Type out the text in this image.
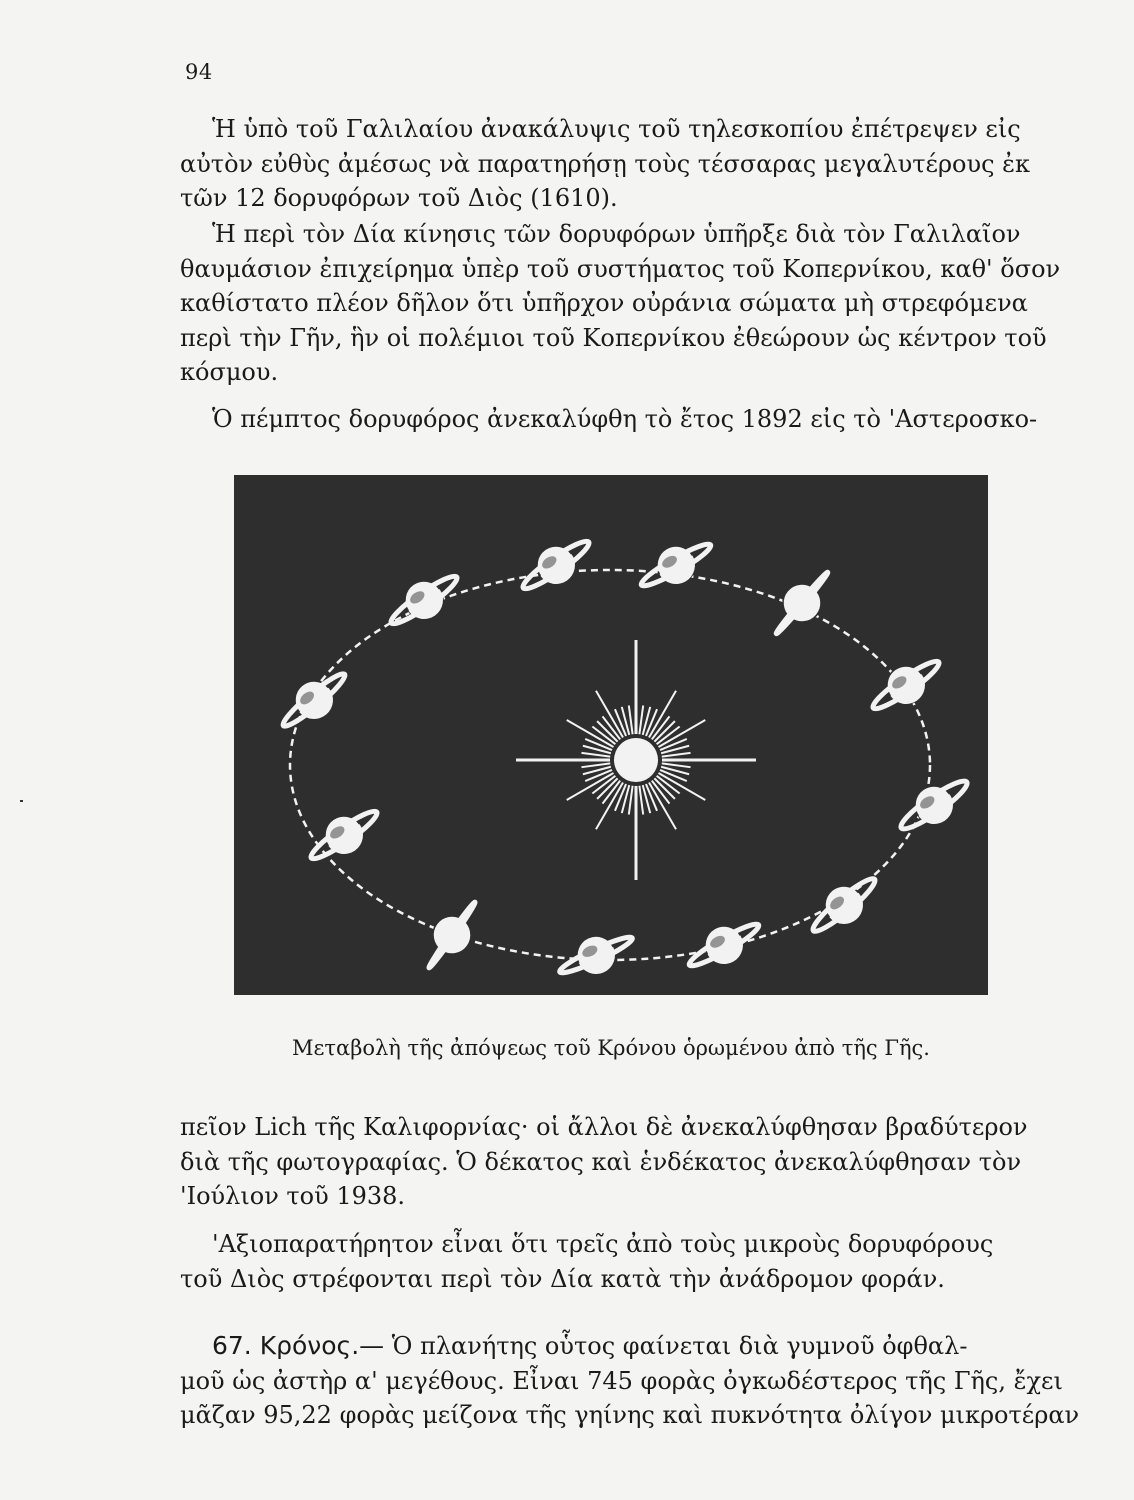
94

Ἡ ὑπὸ τοῦ Γαλιλαίου ἀνακάλυψις τοῦ τηλεσκοπίου ἐπέτρεψεν εἰς
αὐτὸν εὐθὺς ἀμέσως νὰ παρατηρήσῃ τοὺς τέσσαρας μεγαλυτέρους ἐκ
τῶν 12 δορυφόρων τοῦ Διὸς (1610).

Ἡ περὶ τὸν Δία κίνησις τῶν δορυφόρων ὑπῆρξε διὰ τὸν Γαλιλαῖον
θαυμάσιον ἐπιχείρημα ὑπὲρ τοῦ συστήματος τοῦ Κοπερνίκου, καθ' ὅσον
καθίστατο πλέον δῆλον ὅτι ὑπῆρχον οὐράνια σώματα μὴ στρεφόμενα
περὶ τὴν Γῆν, ἣν οἱ πολέμιοι τοῦ Κοπερνίκου ἐθεώρουν ὡς κέντρον τοῦ
κόσμου.

Ὁ πέμπτος δορυφόρος ἀνεκαλύφθη τὸ ἔτος 1892 εἰς τὸ 'Αστεροσκο-

Μεταβολὴ τῆς ἀπόψεως τοῦ Κρόνου ὁρωμένου ἀπὸ τῆς Γῆς.

πεῖον Lich τῆς Καλιφορνίας· οἱ ἄλλοι δὲ ἀνεκαλύφθησαν βραδύτερον
διὰ τῆς φωτογραφίας. Ὁ δέκατος καὶ ἑνδέκατος ἀνεκαλύφθησαν τὸν
'Ιούλιον τοῦ 1938.

'Αξιοπαρατήρητον εἶναι ὅτι τρεῖς ἀπὸ τοὺς μικροὺς δορυφόρους
τοῦ Διὸς στρέφονται περὶ τὸν Δία κατὰ τὴν ἀνάδρομον φοράν.

67. Κρόνος.— Ὁ πλανήτης οὗτος φαίνεται διὰ γυμνοῦ ὀφθαλ-
μοῦ ὡς ἀστὴρ α' μεγέθους. Εἶναι 745 φορὰς ὀγκωδέστερος τῆς Γῆς, ἔχει
μᾶζαν 95,22 φορὰς μείζονα τῆς γηίνης καὶ πυκνότητα ὀλίγον μικροτέραν
